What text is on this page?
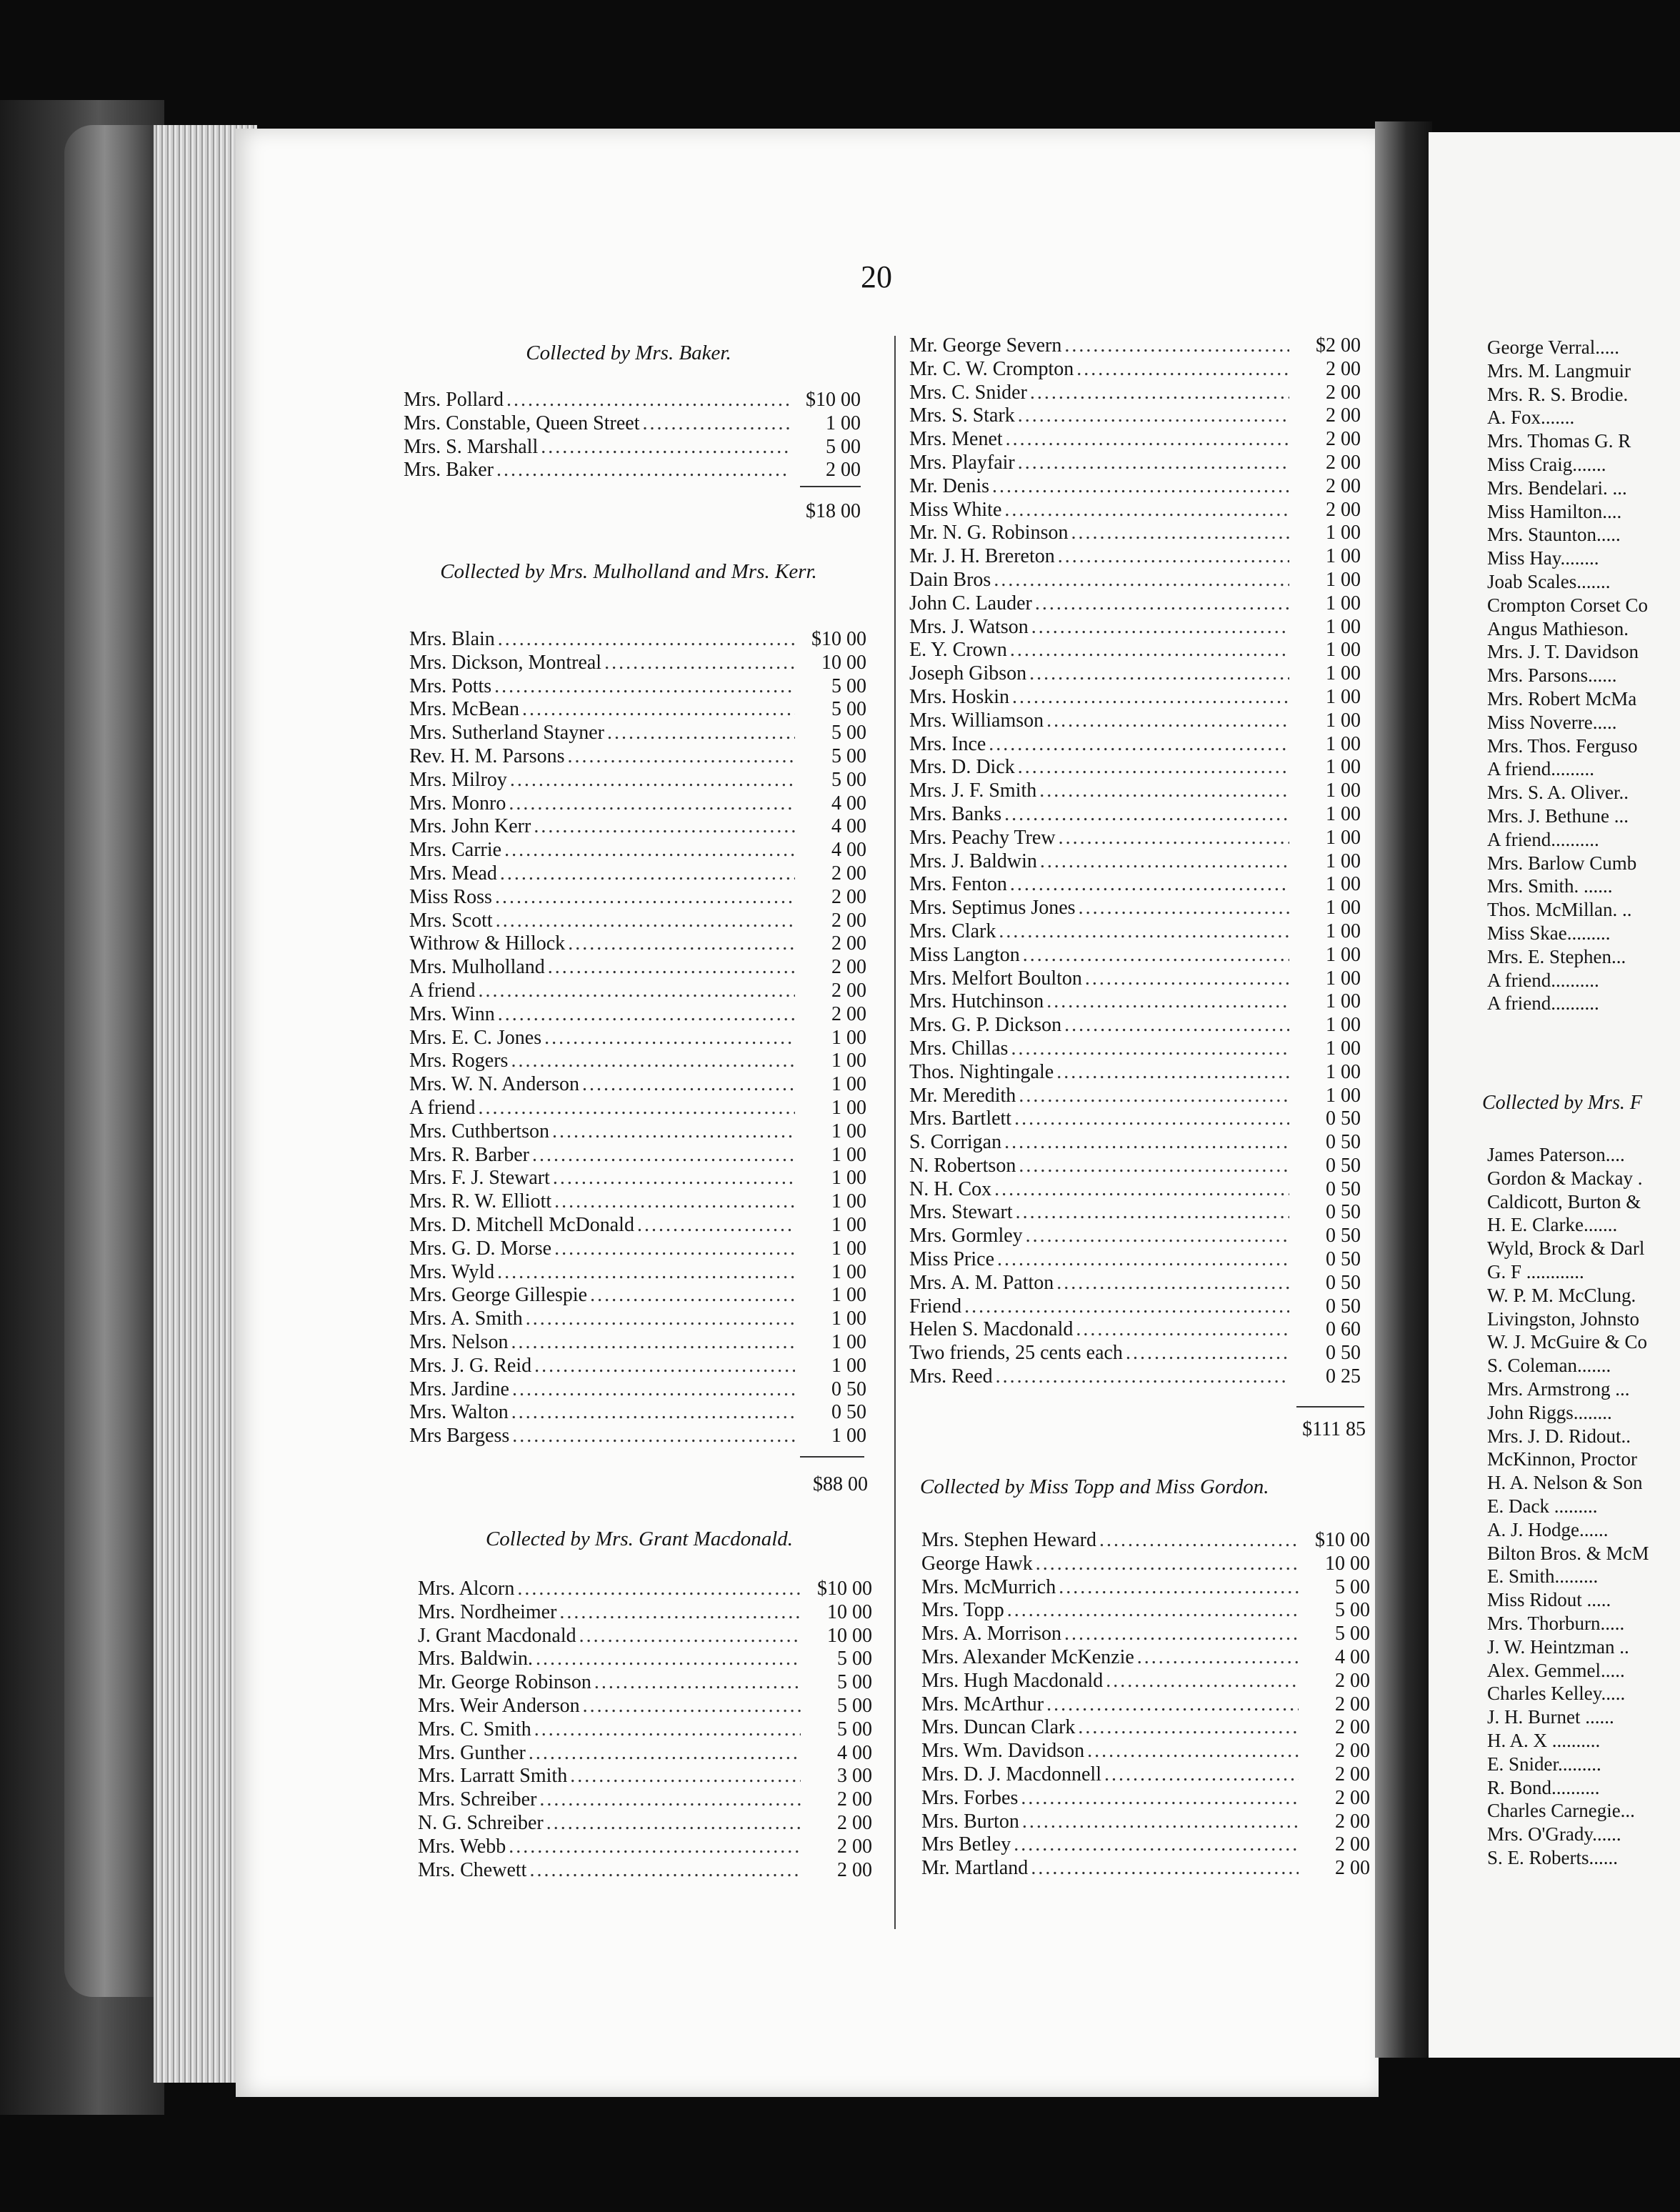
20
Collected by Mrs. Baker.
Mrs. Pollard .....	$10 00
Mrs. Constable, Queen Street .....	1 00
Mrs. S. Marshall .....	5 00
Mrs. Baker .....	2 00
$18 00
Collected by Mrs. Mulholland and Mrs. Kerr.
Mrs. Blain .....	$10 00
Mrs. Dickson, Montreal .....	10 00
Mrs. Potts .....	5 00
Mrs. McBean .....	5 00
Mrs. Sutherland Stayner .....	5 00
Rev. H. M. Parsons .....	5 00
Mrs. Milroy .....	5 00
Mrs. Monro .....	4 00
Mrs. John Kerr .....	4 00
Mrs. Carrie .....	4 00
Mrs. Mead .....	2 00
Miss Ross .....	2 00
Mrs. Scott .....	2 00
Withrow & Hillock .....	2 00
Mrs. Mulholland .....	2 00
A friend .....	2 00
Mrs. Winn .....	2 00
Mrs. E. C. Jones .....	1 00
Mrs. Rogers .....	1 00
Mrs. W. N. Anderson .....	1 00
A friend .....	1 00
Mrs. Cuthbertson .....	1 00
Mrs. R. Barber .....	1 00
Mrs. F. J. Stewart .....	1 00
Mrs. R. W. Elliott .....	1 00
Mrs. D. Mitchell McDonald .....	1 00
Mrs. G. D. Morse .....	1 00
Mrs. Wyld .....	1 00
Mrs. George Gillespie .....	1 00
Mrs. A. Smith .....	1 00
Mrs. Nelson .....	1 00
Mrs. J. G. Reid .....	1 00
Mrs. Jardine .....	0 50
Mrs. Walton .....	0 50
Mrs Bargess .....	1 00
$88 00
Collected by Mrs. Grant Macdonald.
Mrs. Alcorn .....	$10 00
Mrs. Nordheimer .....	10 00
J. Grant Macdonald .....	10 00
Mrs. Baldwin. .....	5 00
Mr. George Robinson .....	5 00
Mrs. Weir Anderson .....	5 00
Mrs. C. Smith .....	5 00
Mrs. Gunther .....	4 00
Mrs. Larratt Smith .....	3 00
Mrs. Schreiber .....	2 00
N. G. Schreiber .....	2 00
Mrs. Webb .....	2 00
Mrs. Chewett .....	2 00
Mr. George Severn .....	$2 00
Mr. C. W. Crompton .....	2 00
Mrs. C. Snider .....	2 00
Mrs. S. Stark .....	2 00
Mrs. Menet .....	2 00
Mrs. Playfair .....	2 00
Mr. Denis .....	2 00
Miss White .....	2 00
Mr. N. G. Robinson .....	1 00
Mr. J. H. Brereton .....	1 00
Dain Bros .....	1 00
John C. Lauder .....	1 00
Mrs. J. Watson .....	1 00
E. Y. Crown .....	1 00
Joseph Gibson .....	1 00
Mrs. Hoskin .....	1 00
Mrs. Williamson .....	1 00
Mrs. Ince .....	1 00
Mrs. D. Dick .....	1 00
Mrs. J. F. Smith .....	1 00
Mrs. Banks .....	1 00
Mrs. Peachy Trew .....	1 00
Mrs. J. Baldwin .....	1 00
Mrs. Fenton .....	1 00
Mrs. Septimus Jones .....	1 00
Mrs. Clark .....	1 00
Miss Langton .....	1 00
Mrs. Melfort Boulton .....	1 00
Mrs. Hutchinson .....	1 00
Mrs. G. P. Dickson .....	1 00
Mrs. Chillas .....	1 00
Thos. Nightingale .....	1 00
Mr. Meredith .....	1 00
Mrs. Bartlett .....	0 50
S. Corrigan .....	0 50
N. Robertson .....	0 50
N. H. Cox .....	0 50
Mrs. Stewart .....	0 50
Mrs. Gormley .....	0 50
Miss Price .....	0 50
Mrs. A. M. Patton .....	0 50
Friend .....	0 50
Helen S. Macdonald .....	0 60
Two friends, 25 cents each .....	0 50
Mrs. Reed .....	0 25
$111 85
Collected by Miss Topp and Miss Gordon.
Mrs. Stephen Heward .....	$10 00
George Hawk .....	10 00
Mrs. McMurrich .....	5 00
Mrs. Topp .....	5 00
Mrs. A. Morrison .....	5 00
Mrs. Alexander McKenzie .....	4 00
Mrs. Hugh Macdonald .....	2 00
Mrs. McArthur .....	2 00
Mrs. Duncan Clark .....	2 00
Mrs. Wm. Davidson .....	2 00
Mrs. D. J. Macdonnell .....	2 00
Mrs. Forbes .....	2 00
Mrs. Burton .....	2 00
Mrs Betley .....	2 00
Mr. Martland .....	2 00
George Verral.....
Mrs. M. Langmuir
Mrs. R. S. Brodie.
A. Fox.......
Mrs. Thomas G. R
Miss Craig.......
Mrs. Bendelari. ...
Miss Hamilton....
Mrs. Staunton.....
Miss Hay........
Joab Scales.......
Crompton Corset Co
Angus Mathieson.
Mrs. J. T. Davidson
Mrs. Parsons......
Mrs. Robert McMa
Miss Noverre.....
Mrs. Thos. Ferguso
A friend.........
Mrs. S. A. Oliver..
Mrs. J. Bethune ...
A friend..........
Mrs. Barlow Cumb
Mrs. Smith. ......
Thos. McMillan. ..
Miss Skae.........
Mrs. E. Stephen...
A friend..........
A friend..........
Collected by Mrs. F
James Paterson....
Gordon & Mackay .
Caldicott, Burton &
H. E. Clarke.......
Wyld, Brock & Darl
G. F ............
W. P. M. McClung.
Livingston, Johnsto
W. J. McGuire & Co
S. Coleman.......
Mrs. Armstrong ...
John Riggs........
Mrs. J. D. Ridout..
McKinnon, Proctor
H. A. Nelson & Son
E. Dack .........
A. J. Hodge......
Bilton Bros. & McM
E. Smith.........
Miss Ridout .....
Mrs. Thorburn.....
J. W. Heintzman ..
Alex. Gemmel.....
Charles Kelley.....
J. H. Burnet ......
H. A. X ..........
E. Snider.........
R. Bond..........
Charles Carnegie...
Mrs. O'Grady......
S. E. Roberts......
